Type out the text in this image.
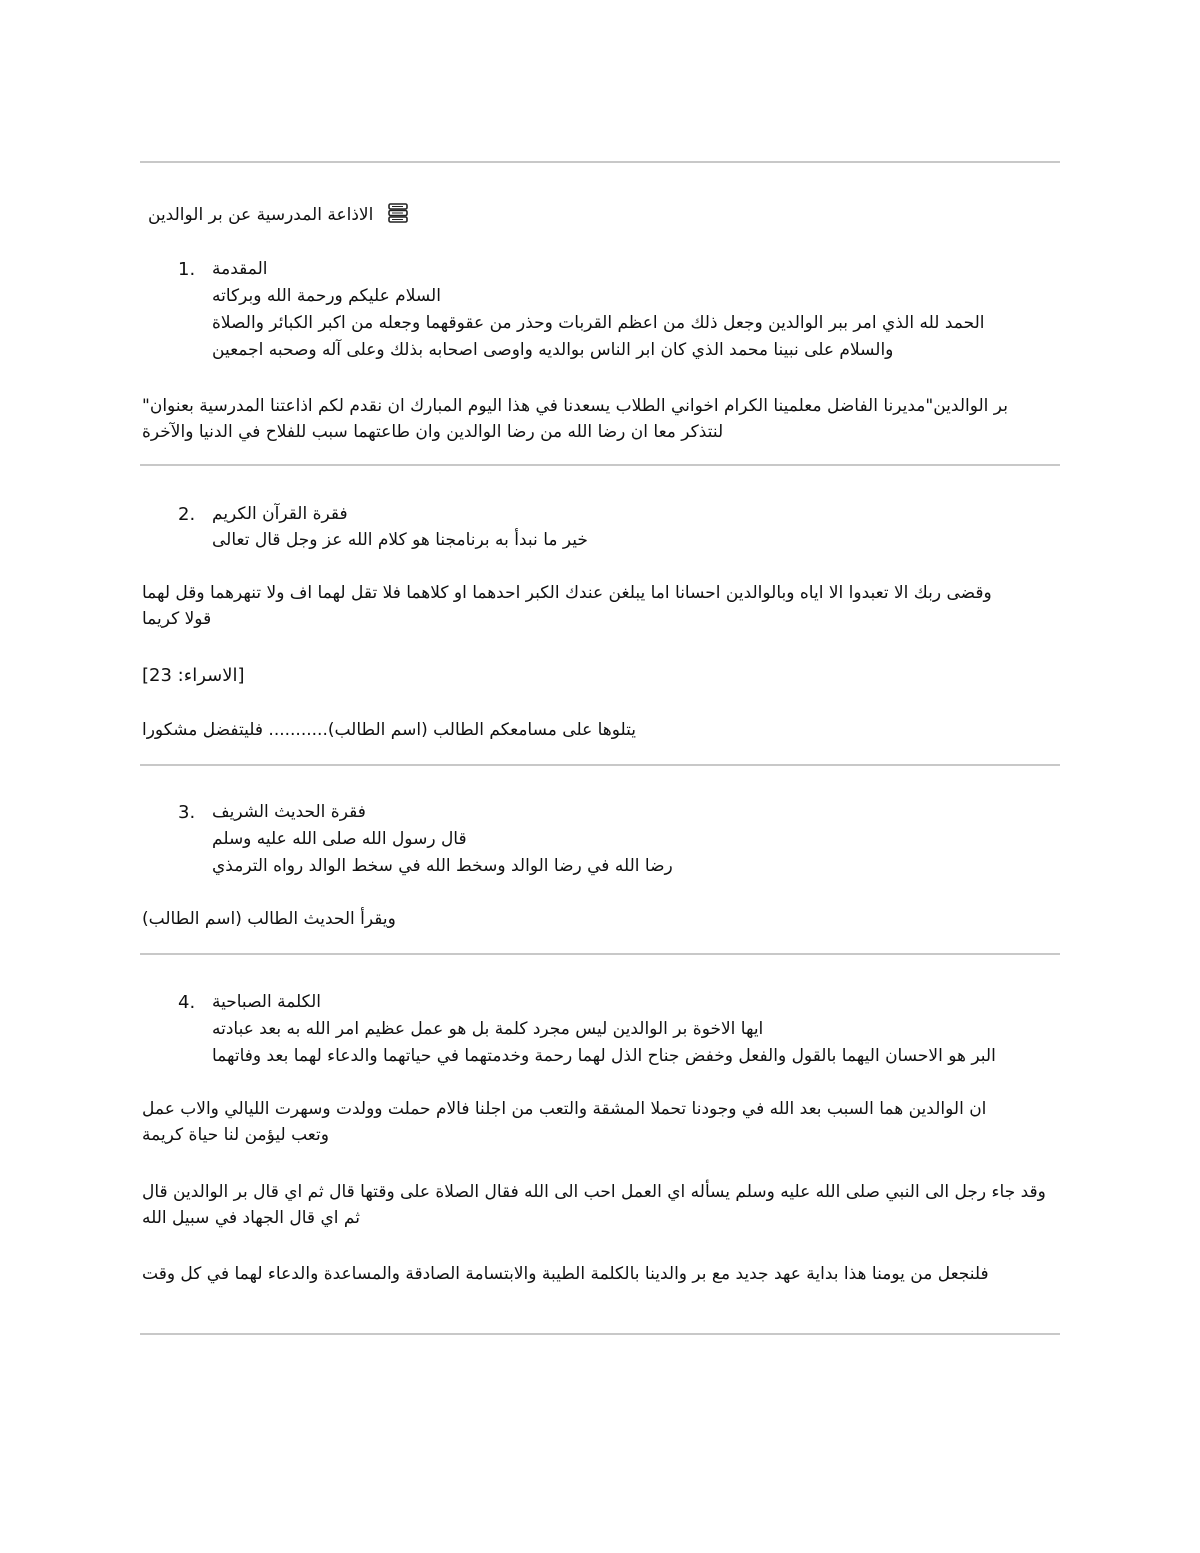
الاذاعة المدرسية عن بر الوالدين
1. المقدمة
السلام عليكم ورحمة الله وبركاته
الحمد لله الذي امر ببر الوالدين وجعل ذلك من اعظم القربات وحذر من عقوقهما وجعله من اكبر الكبائر والصلاة
والسلام على نبينا محمد الذي كان ابر الناس بوالديه واوصى اصحابه بذلك وعلى آله وصحبه اجمعين
"بر الوالدين"مديرنا الفاضل معلمينا الكرام اخواني الطلاب يسعدنا في هذا اليوم المبارك ان نقدم لكم اذاعتنا المدرسية بعنوان
لنتذكر معا ان رضا الله من رضا الوالدين وان طاعتهما سبب للفلاح في الدنيا والآخرة
2. فقرة القرآن الكريم
خير ما نبدأ به برنامجنا هو كلام الله عز وجل قال تعالى
وقضى ربك الا تعبدوا الا اياه وبالوالدين احسانا اما يبلغن عندك الكبر احدهما او كلاهما فلا تقل لهما اف ولا تنهرهما وقل لهما
قولا كريما
[الاسراء: 23]
يتلوها على مسامعكم الطالب (اسم الطالب)........... فليتفضل مشكورا
3. فقرة الحديث الشريف
قال رسول الله صلى الله عليه وسلم
رضا الله في رضا الوالد وسخط الله في سخط الوالد رواه الترمذي
ويقرأ الحديث الطالب (اسم الطالب)
4. الكلمة الصباحية
ايها الاخوة بر الوالدين ليس مجرد كلمة بل هو عمل عظيم امر الله به بعد عبادته
البر هو الاحسان اليهما بالقول والفعل وخفض جناح الذل لهما رحمة وخدمتهما في حياتهما والدعاء لهما بعد وفاتهما
ان الوالدين هما السبب بعد الله في وجودنا تحملا المشقة والتعب من اجلنا فالام حملت وولدت وسهرت الليالي والاب عمل
وتعب ليؤمن لنا حياة كريمة
وقد جاء رجل الى النبي صلى الله عليه وسلم يسأله اي العمل احب الى الله فقال الصلاة على وقتها قال ثم اي قال بر الوالدين قال
ثم اي قال الجهاد في سبيل الله
فلنجعل من يومنا هذا بداية عهد جديد مع بر والدينا بالكلمة الطيبة والابتسامة الصادقة والمساعدة والدعاء لهما في كل وقت
